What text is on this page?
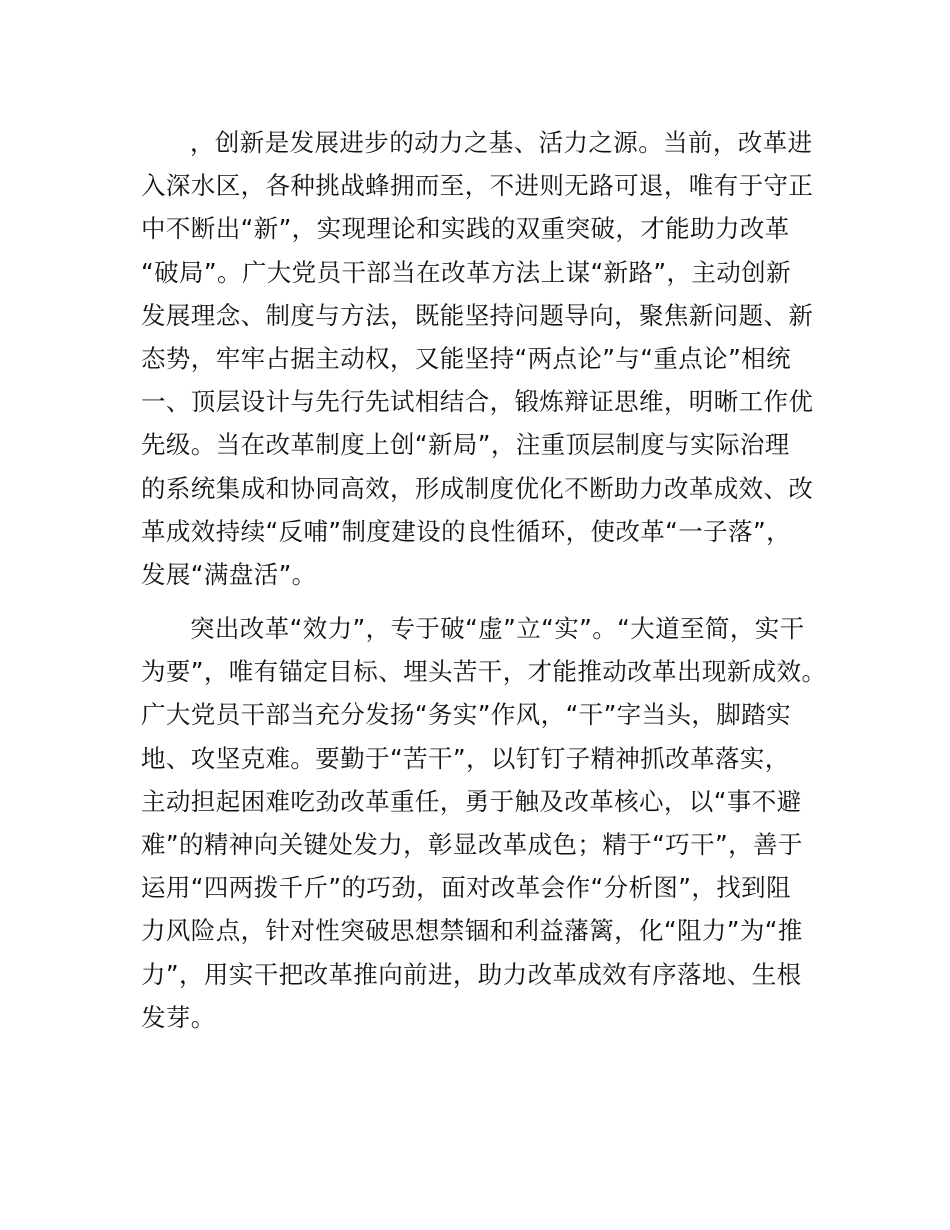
，创新是发展进步的动力之基、活力之源。当前，改革进
入深水区，各种挑战蜂拥而至，不进则无路可退，唯有于守正
中不断出“新”，实现理论和实践的双重突破，才能助力改革
“破局”。广大党员干部当在改革方法上谋“新路”，主动创新
发展理念、制度与方法，既能坚持问题导向，聚焦新问题、新
态势，牢牢占据主动权，又能坚持“两点论”与“重点论”相统
一、顶层设计与先行先试相结合，锻炼辩证思维，明晰工作优
先级。当在改革制度上创“新局”，注重顶层制度与实际治理
的系统集成和协同高效，形成制度优化不断助力改革成效、改
革成效持续“反哺”制度建设的良性循环，使改革“一子落”，
发展“满盘活”。

突出改革“效力”，专于破“虚”立“实”。“大道至简，实干
为要”，唯有锚定目标、埋头苦干，才能推动改革出现新成效。
广大党员干部当充分发扬“务实”作风，“干”字当头，脚踏实
地、攻坚克难。要勤于“苦干”，以钉钉子精神抓改革落实，
主动担起困难吃劲改革重任，勇于触及改革核心，以“事不避
难”的精神向关键处发力，彰显改革成色；精于“巧干”，善于
运用“四两拨千斤”的巧劲，面对改革会作“分析图”，找到阻
力风险点，针对性突破思想禁锢和利益藩篱，化“阻力”为“推
力”，用实干把改革推向前进，助力改革成效有序落地、生根
发芽。
